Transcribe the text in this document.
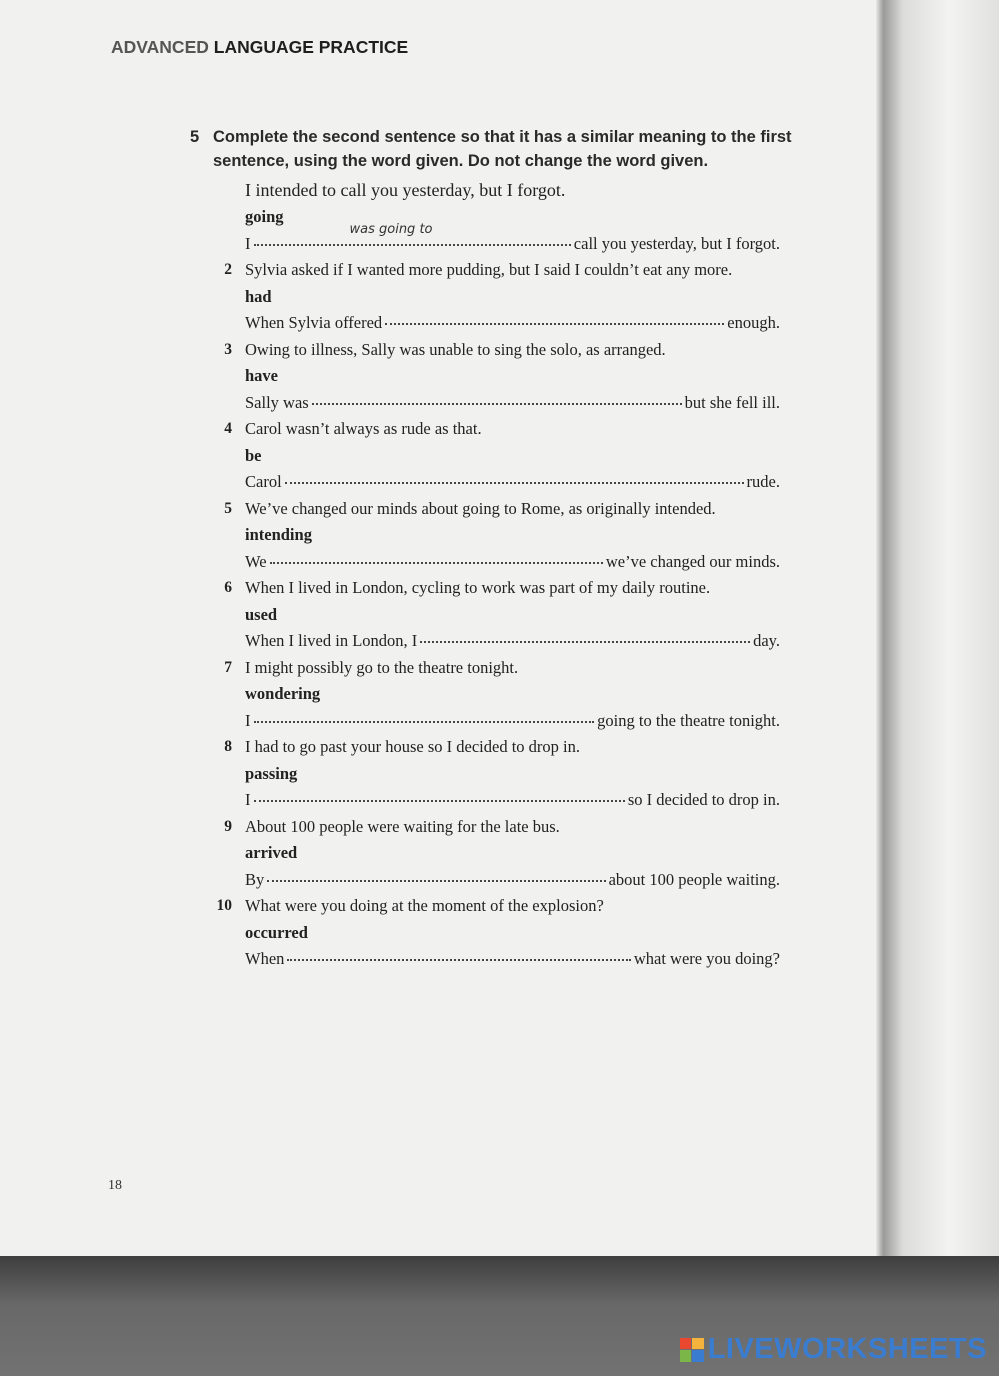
ADVANCED LANGUAGE PRACTICE
5 Complete the second sentence so that it has a similar meaning to the first sentence, using the word given. Do not change the word given.
I intended to call you yesterday, but I forgot.
going
I
was going to
call you yesterday, but I forgot.
2 Sylvia asked if I wanted more pudding, but I said I couldn’t eat any more.
had
When Sylvia offered	enough.
3 Owing to illness, Sally was unable to sing the solo, as arranged.
have
Sally was	but she fell ill.
4 Carol wasn’t always as rude as that.
be
Carol	rude.
5 We’ve changed our minds about going to Rome, as originally intended.
intending
We	we’ve changed our minds.
6 When I lived in London, cycling to work was part of my daily routine.
used
When I lived in London, I	day.
7 I might possibly go to the theatre tonight.
wondering
I	going to the theatre tonight.
8 I had to go past your house so I decided to drop in.
passing
I	so I decided to drop in.
9 About 100 people were waiting for the late bus.
arrived
By	about 100 people waiting.
10 What were you doing at the moment of the explosion?
occurred
When	what were you doing?
18
LIVEWORKSHEETS
